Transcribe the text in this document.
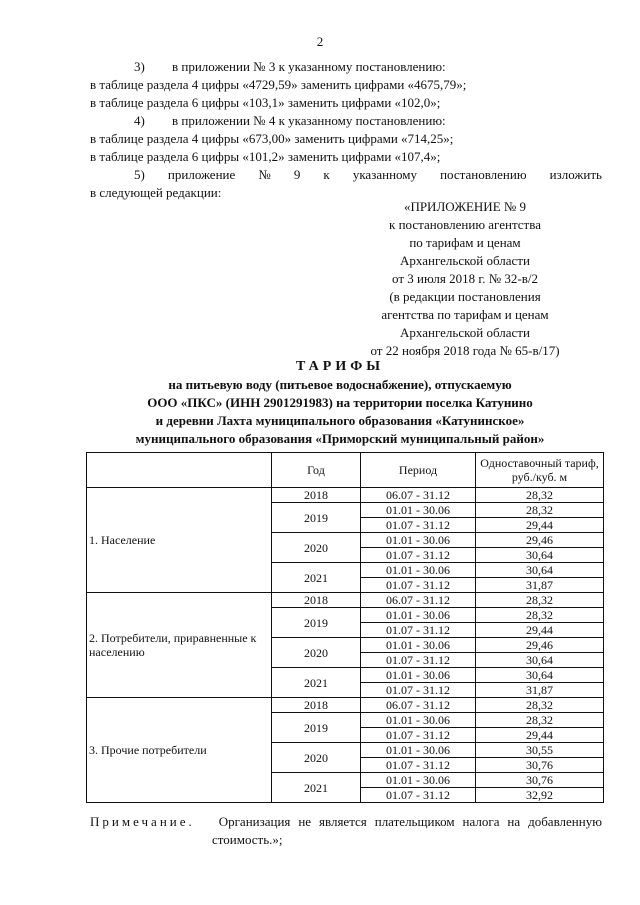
2
3) в приложении № 3 к указанному постановлению:
в таблице раздела 4 цифры «4729,59» заменить цифрами «4675,79»;
в таблице раздела 6 цифры «103,1» заменить цифрами «102,0»;
4) в приложении № 4 к указанному постановлению:
в таблице раздела 4 цифры «673,00» заменить цифрами «714,25»;
в таблице раздела 6 цифры «101,2» заменить цифрами «107,4»;
5) приложение № 9 к указанному постановлению изложить
в следующей редакции:
«ПРИЛОЖЕНИЕ № 9
к постановлению агентства
по тарифам и ценам
Архангельской области
от 3 июля 2018 г. № 32-в/2
(в редакции постановления
агентства по тарифам и ценам
Архангельской области
от 22 ноября 2018 года № 65-в/17)
ТАРИФЫ
на питьевую воду (питьевое водоснабжение), отпускаемую
ООО «ПКС» (ИНН 2901291983) на территории поселка Катунино
и деревни Лахта муниципального образования «Катунинское»
муниципального образования «Приморский муниципальный район»
	Год	Период	Одноставочный тариф, руб./куб. м
1. Население	2018	06.07 - 31.12	28,32
	2019	01.01 - 30.06	28,32
		01.07 - 31.12	29,44
	2020	01.01 - 30.06	29,46
		01.07 - 31.12	30,64
	2021	01.01 - 30.06	30,64
		01.07 - 31.12	31,87
2. Потребители, приравненные к населению	2018	06.07 - 31.12	28,32
	2019	01.01 - 30.06	28,32
		01.07 - 31.12	29,44
	2020	01.01 - 30.06	29,46
		01.07 - 31.12	30,64
	2021	01.01 - 30.06	30,64
		01.07 - 31.12	31,87
3. Прочие потребители	2018	06.07 - 31.12	28,32
	2019	01.01 - 30.06	28,32
		01.07 - 31.12	29,44
	2020	01.01 - 30.06	30,55
		01.07 - 31.12	30,76
	2021	01.01 - 30.06	30,76
		01.07 - 31.12	32,92
Примечание. Организация не является плательщиком налога на добавленную
стоимость.»;
